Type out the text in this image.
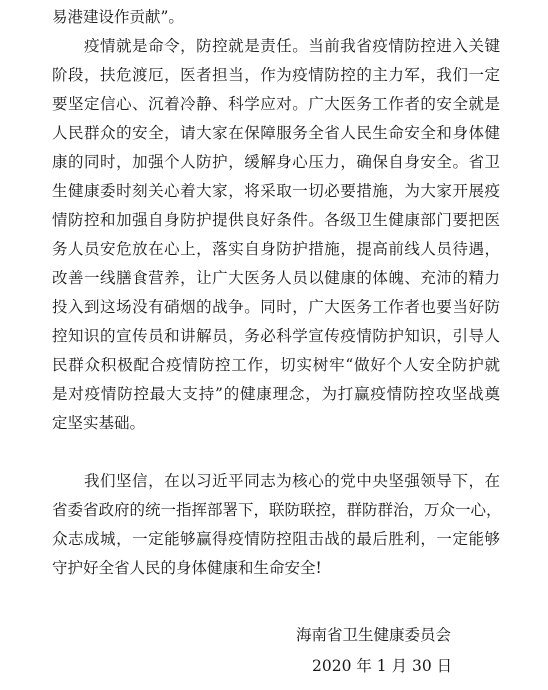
易港建设作贡献”。
疫情就是命令，防控就是责任。当前我省疫情防控进入关键
阶段，扶危渡厄，医者担当，作为疫情防控的主力军，我们一定
要坚定信心、沉着冷静、科学应对。广大医务工作者的安全就是
人民群众的安全，请大家在保障服务全省人民生命安全和身体健
康的同时，加强个人防护，缓解身心压力，确保自身安全。省卫
生健康委时刻关心着大家，将采取一切必要措施，为大家开展疫
情防控和加强自身防护提供良好条件。各级卫生健康部门要把医
务人员安危放在心上，落实自身防护措施，提高前线人员待遇，
改善一线膳食营养，让广大医务人员以健康的体魄、充沛的精力
投入到这场没有硝烟的战争。同时，广大医务工作者也要当好防
控知识的宣传员和讲解员，务必科学宣传疫情防护知识，引导人
民群众积极配合疫情防控工作，切实树牢“做好个人安全防护就
是对疫情防控最大支持”的健康理念，为打赢疫情防控攻坚战奠
定坚实基础。
我们坚信，在以习近平同志为核心的党中央坚强领导下，在
省委省政府的统一指挥部署下，联防联控，群防群治，万众一心，
众志成城，一定能够赢得疫情防控阻击战的最后胜利，一定能够
守护好全省人民的身体健康和生命安全!
海南省卫生健康委员会
2020 年 1 月 30 日
